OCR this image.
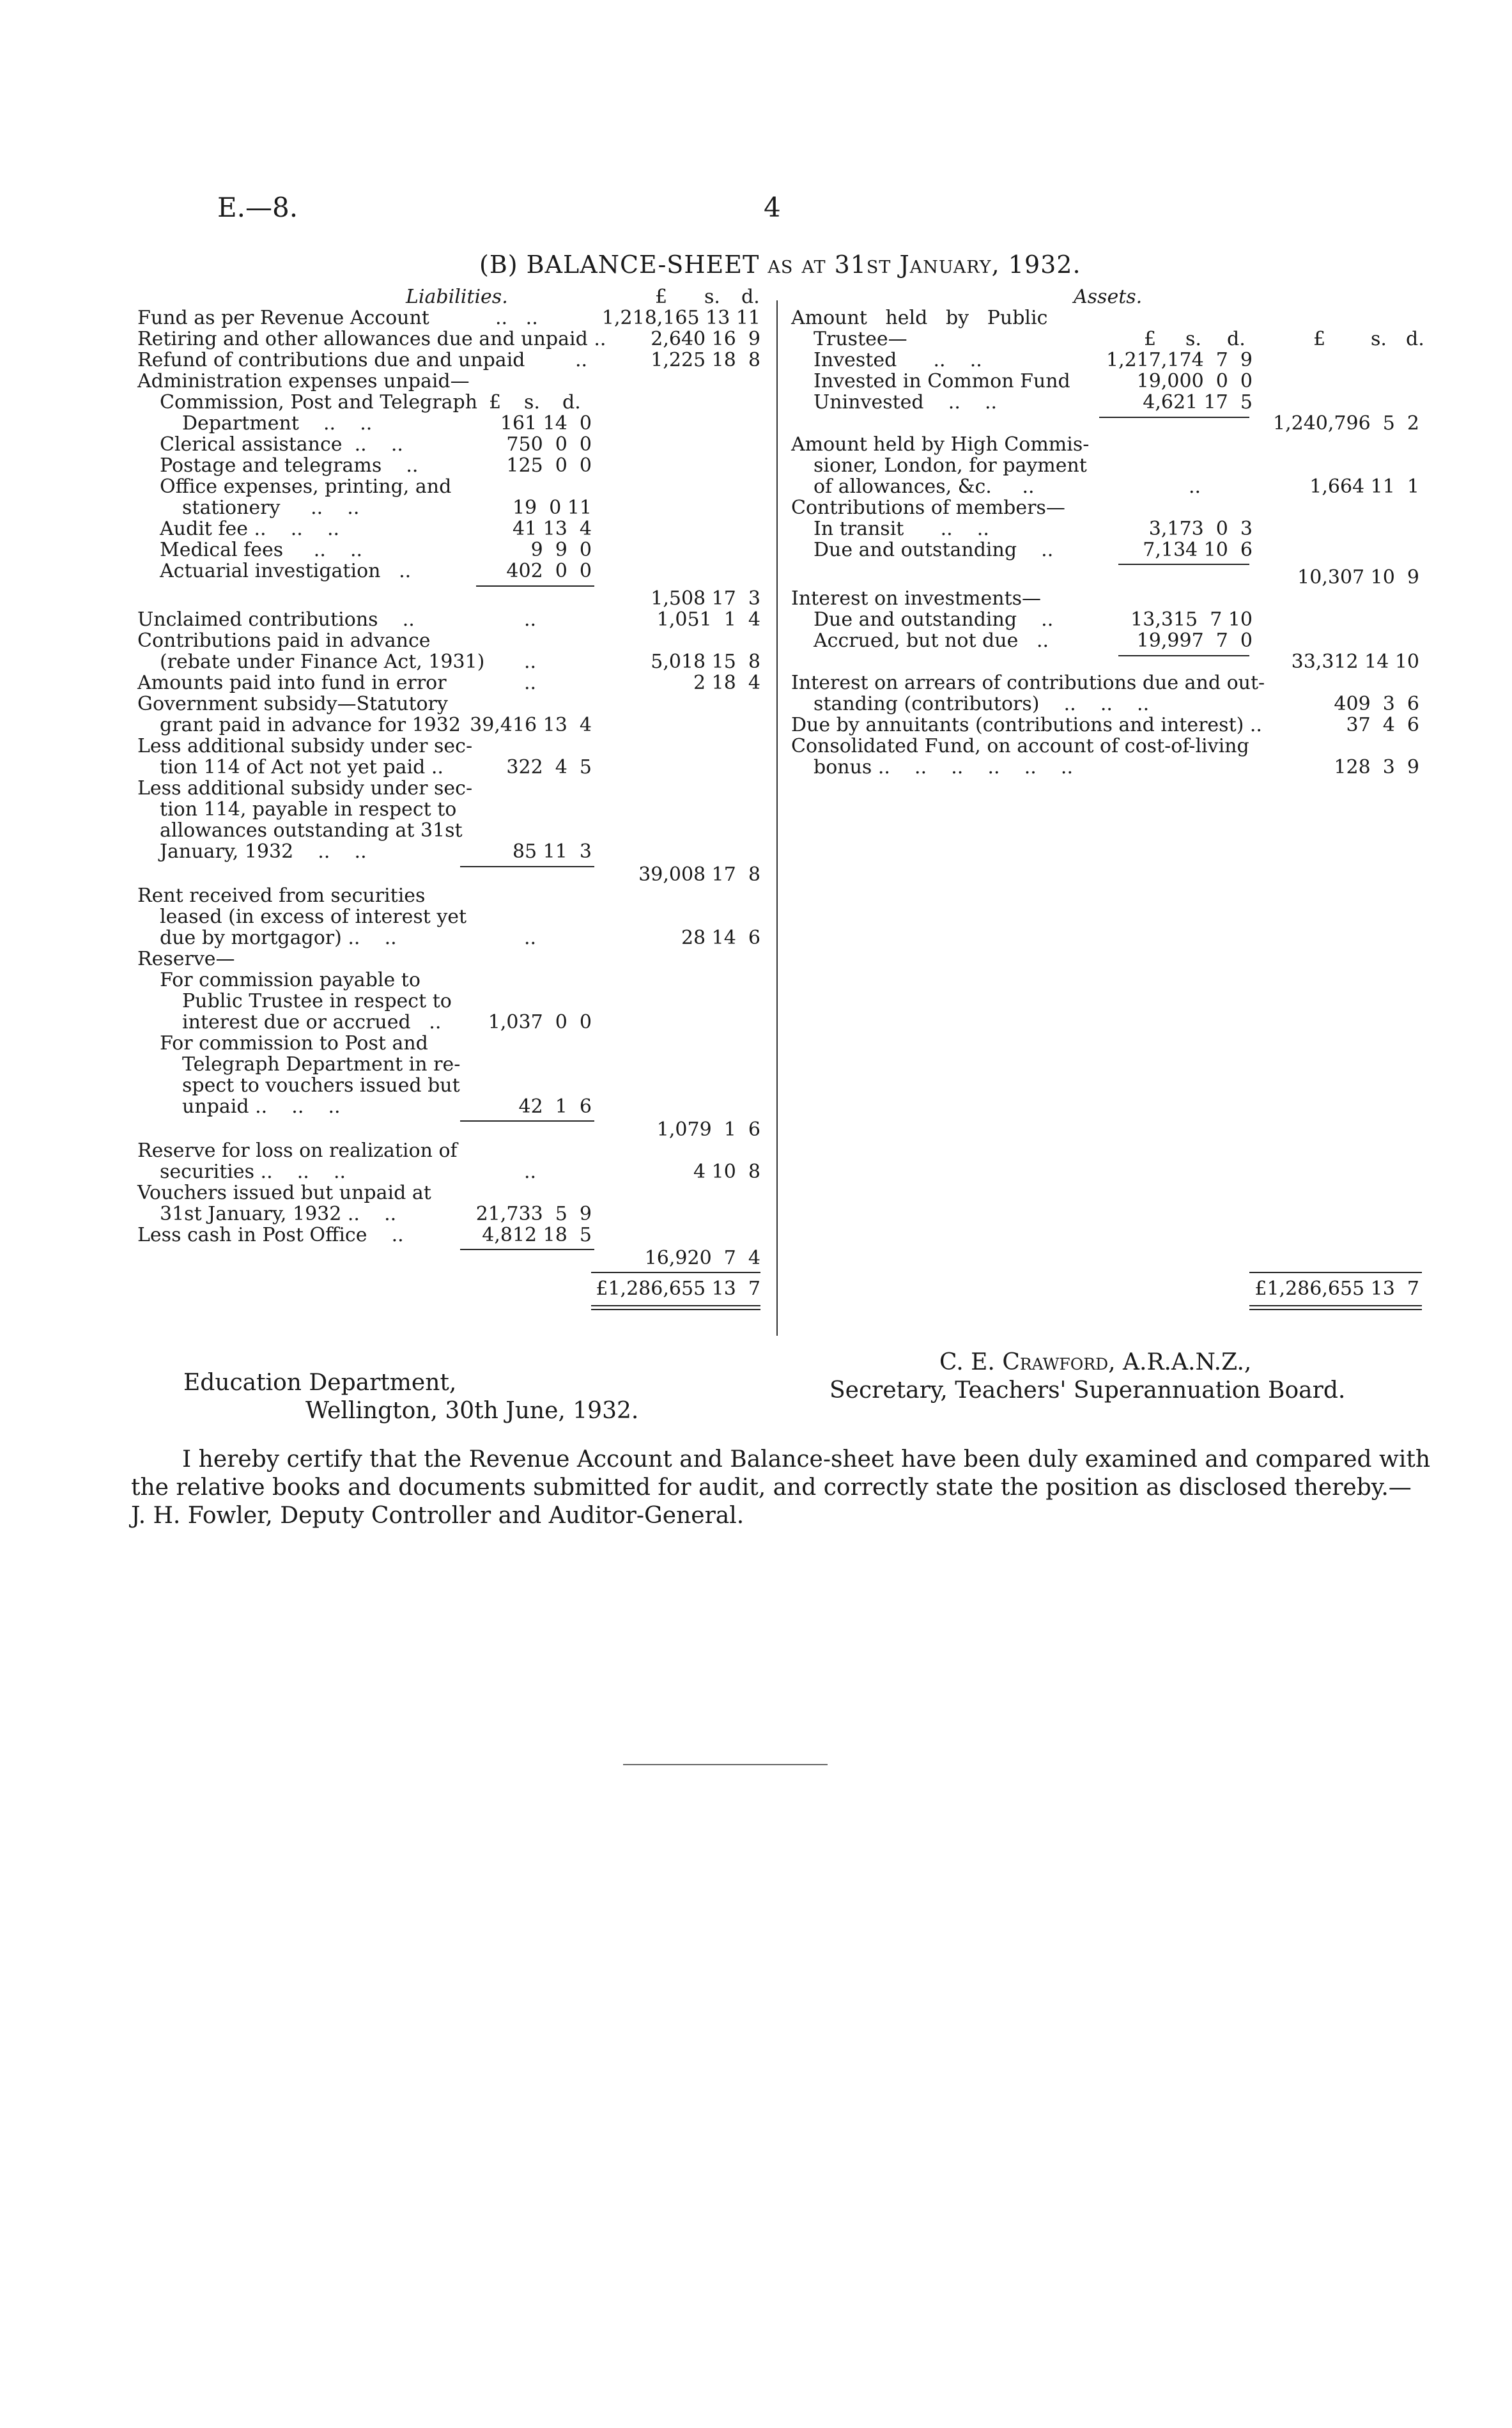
E.—8.	4
(B) BALANCE-SHEET as at 31st January, 1932.
Liabilities.	£ s. d.
Fund as per Revenue Account	..   ..	1,218,165 13 11
Retiring and other allowances due and unpaid .. 2,640 16  9
Refund of contributions due and unpaid	..	1,225 18  8
Administration expenses unpaid—
Commission, Post and Telegraph £ s. d.
Department    ..    ..	161 14  0
Clerical assistance  ..    ..	750  0  0
Postage and telegrams    ..	125  0  0
Office expenses, printing, and
stationery     ..    ..	19  0 11
Audit fee ..    ..    ..	41 13  4
Medical fees     ..    ..	9  9  0
Actuarial investigation   ..	402  0  0
1,508 17  3
Unclaimed contributions    ..	..	1,051  1  4
Contributions paid in advance
(rebate under Finance Act, 1931) ..	5,018 15  8
Amounts paid into fund in error	..	2 18  4
Government subsidy—Statutory
grant paid in advance for 1932 39,416 13  4
Less additional subsidy under sec-
tion 114 of Act not yet paid ..	322  4  5
Less additional subsidy under sec-
tion 114, payable in respect to
allowances outstanding at 31st
January, 1932    ..    ..	85 11  3
39,008 17  8
Rent received from securities
leased (in excess of interest yet
due by mortgagor) ..    ..	..	28 14  6
Reserve—
For commission payable to
Public Trustee in respect to
interest due or accrued   .. 1,037  0  0
For commission to Post and
Telegraph Department in re-
spect to vouchers issued but
unpaid ..    ..    ..	42  1  6
1,079  1  6
Reserve for loss on realization of
securities ..    ..    ..	..	4 10  8
Vouchers issued but unpaid at
31st January, 1932 ..    ..	21,733  5  9
Less cash in Post Office    ..	4,812 18  5
16,920  7  4
£1,286,655 13  7
Assets.
Amount   held   by   Public
Trustee—	£ s. d.	£ s. d.
Invested      ..    ..	1,217,174  7  9
Invested in Common Fund	19,000  0  0
Uninvested    ..    ..	4,621 17  5
1,240,796  5  2
Amount held by High Commis-
sioner, London, for payment
of allowances, &c.     ..	..	1,664 11  1
Contributions of members—
In transit      ..    ..	3,173  0  3
Due and outstanding    ..	7,134 10  6
10,307 10  9
Interest on investments—
Due and outstanding    ..	13,315  7 10
Accrued, but not due   ..	19,997  7  0
33,312 14 10
Interest on arrears of contributions due and out-
standing (contributors)    ..    ..    ..	409  3  6
Due by annuitants (contributions and interest) ..	37  4  6
Consolidated Fund, on account of cost-of-living
bonus ..    ..    ..    ..    ..    ..	128  3  9
£1,286,655 13  7
Education Department,
Wellington, 30th June, 1932.
C. E. Crawford, A.R.A.N.Z.,
Secretary, Teachers' Superannuation Board.
I hereby certify that the Revenue Account and Balance-sheet have been duly examined and compared with
the relative books and documents submitted for audit, and correctly state the position as disclosed thereby.—
J. H. Fowler, Deputy Controller and Auditor-General.
